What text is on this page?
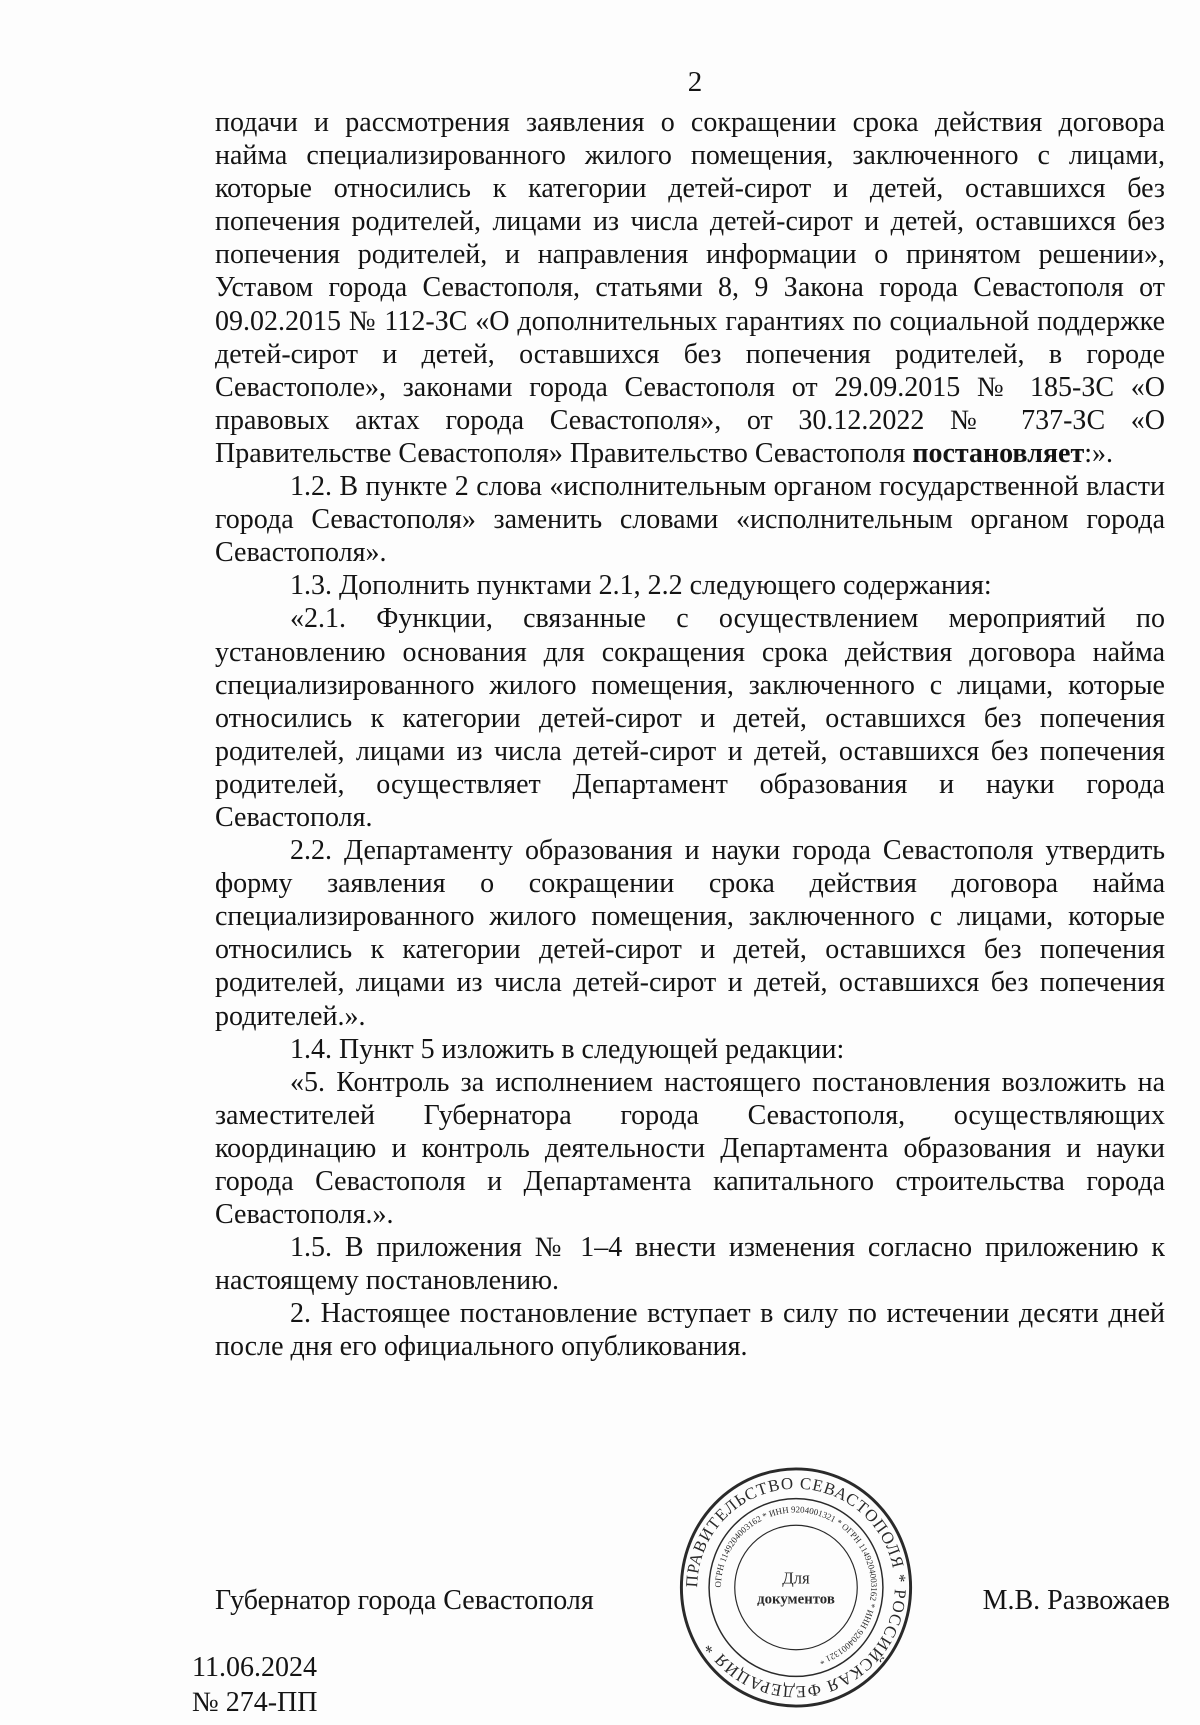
2

подачи и рассмотрения заявления о сокращении срока действия договора найма специализированного жилого помещения, заключенного с лицами, которые относились к категории детей-сирот и детей, оставшихся без попечения родителей, лицами из числа детей-сирот и детей, оставшихся без попечения родителей, и направления информации о принятом решении», Уставом города Севастополя, статьями 8, 9 Закона города Севастополя от 09.02.2015 № 112-ЗС «О дополнительных гарантиях по социальной поддержке детей-сирот и детей, оставшихся без попечения родителей, в городе Севастополе», законами города Севастополя от 29.09.2015 № 185-ЗС «О правовых актах города Севастополя», от 30.12.2022 № 737-ЗС «О Правительстве Севастополя» Правительство Севастополя постановляет:».

1.2. В пункте 2 слова «исполнительным органом государственной власти города Севастополя» заменить словами «исполнительным органом города Севастополя».

1.3. Дополнить пунктами 2.1, 2.2 следующего содержания:

«2.1. Функции, связанные с осуществлением мероприятий по установлению основания для сокращения срока действия договора найма специализированного жилого помещения, заключенного с лицами, которые относились к категории детей-сирот и детей, оставшихся без попечения родителей, лицами из числа детей-сирот и детей, оставшихся без попечения родителей, осуществляет Департамент образования и науки города Севастополя.

2.2. Департаменту образования и науки города Севастополя утвердить форму заявления о сокращении срока действия договора найма специализированного жилого помещения, заключенного с лицами, которые относились к категории детей-сирот и детей, оставшихся без попечения родителей, лицами из числа детей-сирот и детей, оставшихся без попечения родителей.».

1.4. Пункт 5 изложить в следующей редакции:

«5. Контроль за исполнением настоящего постановления возложить на заместителей Губернатора города Севастополя, осуществляющих координацию и контроль деятельности Департамента образования и науки города Севастополя и Департамента капитального строительства города Севастополя.».

1.5. В приложения № 1–4 внести изменения согласно приложению к настоящему постановлению.

2. Настоящее постановление вступает в силу по истечении десяти дней после дня его официального опубликования.

Губернатор города Севастополя
ПРАВИТЕЛЬСТВО СЕВАСТОПОЛЯ * РОССИЙСКАЯ ФЕДЕРАЦИЯ *
ОГРН 1149204003162 * ИНН 9204001321 * ОГРН 1149204003162 * ИНН 9204001321 *
Для
документов	М.В. Развожаев
11.06.2024
№ 274-ПП
